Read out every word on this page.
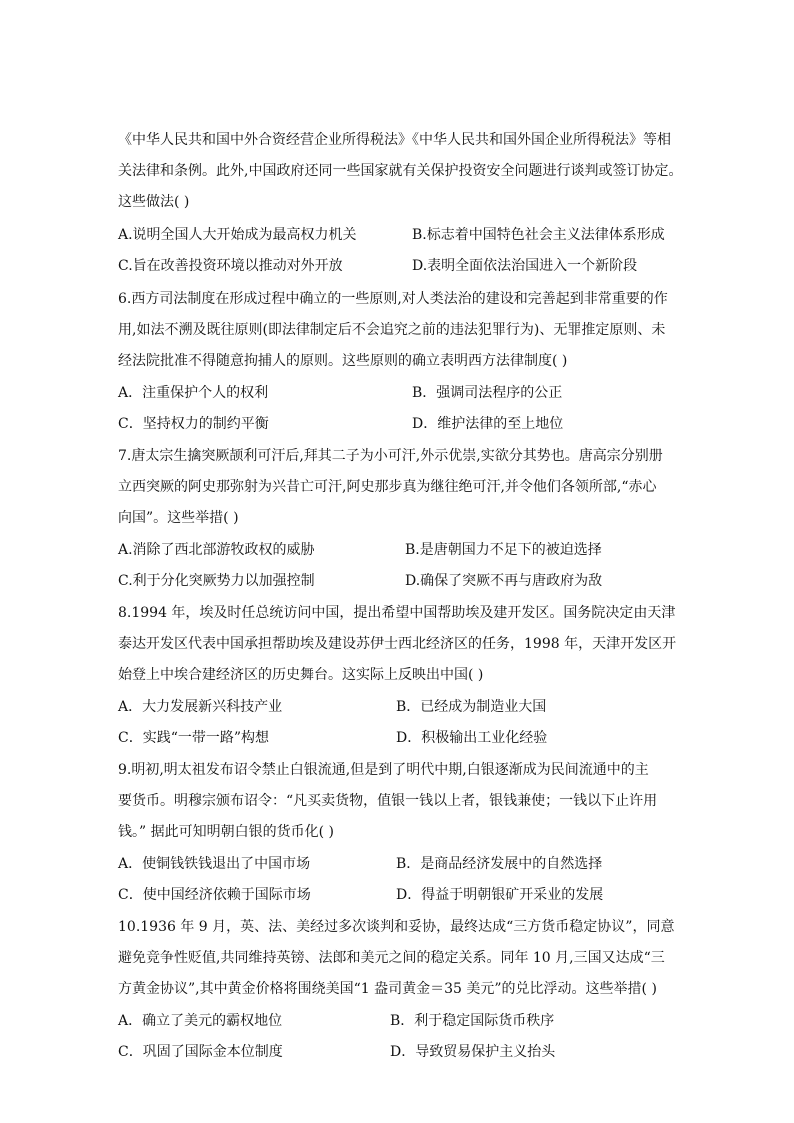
《中华人民共和国中外合资经营企业所得税法》《中华人民共和国外国企业所得税法》等相
关法律和条例。此外,中国政府还同一些国家就有关保护投资安全问题进行谈判或签订协定。
这些做法( )
A.说明全国人大开始成为最高权力机关	B.标志着中国特色社会主义法律体系形成
C.旨在改善投资环境以推动对外开放	D.表明全面依法治国进入一个新阶段
6.西方司法制度在形成过程中确立的一些原则,对人类法治的建设和完善起到非常重要的作
用,如法不溯及既往原则(即法律制定后不会追究之前的违法犯罪行为)、无罪推定原则、未
经法院批准不得随意拘捕人的原则。这些原则的确立表明西方法律制度( )
A．注重保护个人的权利	B．强调司法程序的公正
C．坚持权力的制约平衡	D．维护法律的至上地位
7.唐太宗生擒突厥颉利可汗后,拜其二子为小可汗,外示优崇,实欲分其势也。唐高宗分别册
立西突厥的阿史那弥射为兴昔亡可汗,阿史那步真为继往绝可汗,并令他们各领所部,“赤心
向国”。这些举措( )
A.消除了西北部游牧政权的威胁	B.是唐朝国力不足下的被迫选择
C.利于分化突厥势力以加强控制	D.确保了突厥不再与唐政府为敌
8.1994 年，埃及时任总统访问中国，提出希望中国帮助埃及建开发区。国务院决定由天津
泰达开发区代表中国承担帮助埃及建设苏伊士西北经济区的任务，1998 年，天津开发区开
始登上中埃合建经济区的历史舞台。这实际上反映出中国( )
A．大力发展新兴科技产业	B．已经成为制造业大国
C．实践“一带一路”构想	D．积极输出工业化经验
9.明初,明太祖发布诏令禁止白银流通,但是到了明代中期,白银逐渐成为民间流通中的主
要货币。明穆宗颁布诏令：“凡买卖货物，值银一钱以上者，银钱兼使；一钱以下止许用
钱。” 据此可知明朝白银的货币化( )
A．使铜钱铁钱退出了中国市场	B．是商品经济发展中的自然选择
C．使中国经济依赖于国际市场	D．得益于明朝银矿开采业的发展
10.1936 年 9 月，英、法、美经过多次谈判和妥协，最终达成“三方货币稳定协议”，同意
避免竞争性贬值,共同维持英镑、法郎和美元之间的稳定关系。同年 10 月,三国又达成“三
方黄金协议”,其中黄金价格将围绕美国“1 盎司黄金＝35 美元”的兑比浮动。这些举措( )
A．确立了美元的霸权地位	B．利于稳定国际货币秩序
C．巩固了国际金本位制度	D．导致贸易保护主义抬头
